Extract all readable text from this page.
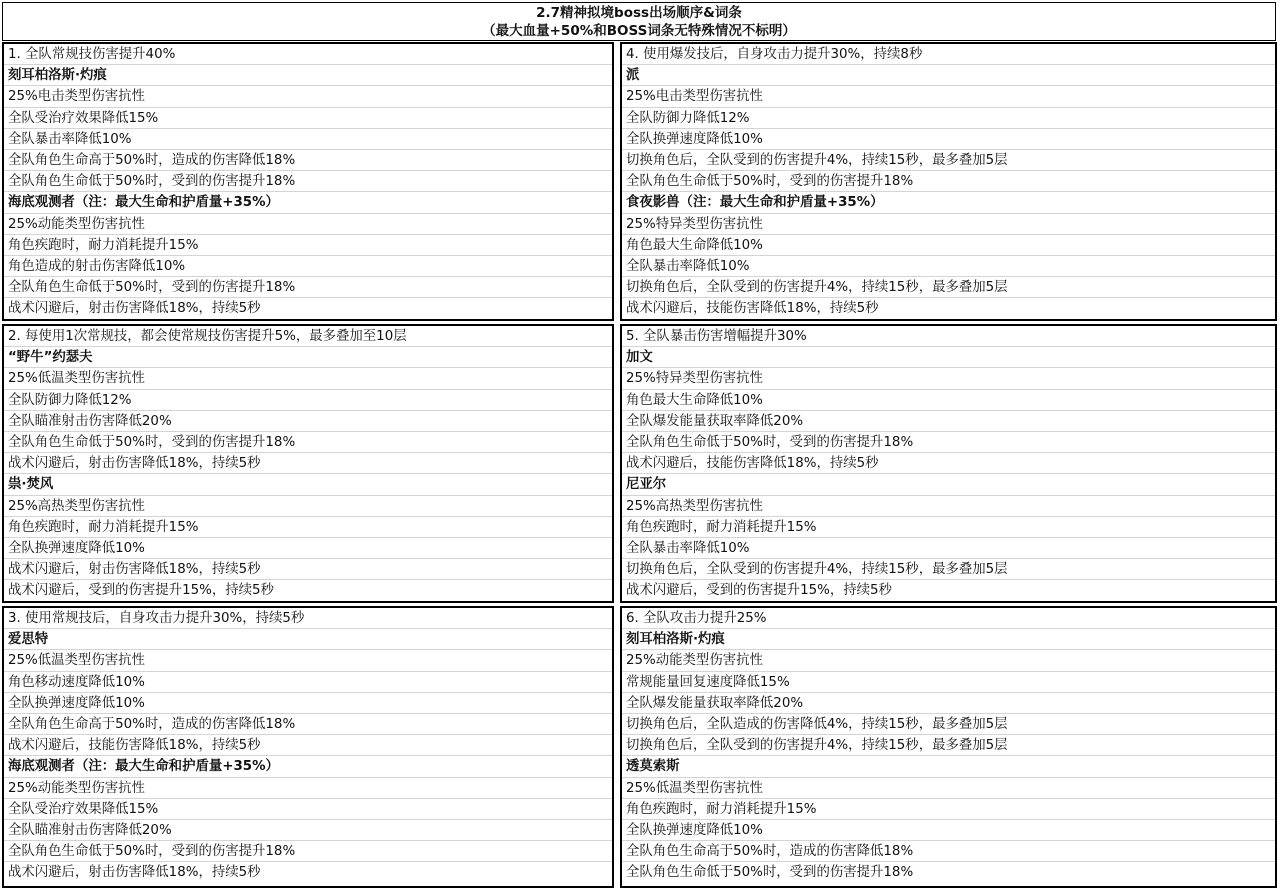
2.7精神拟境boss出场顺序&词条
（最大血量+50%和BOSS词条无特殊情况不标明）
1. 全队常规技伤害提升40%
刻耳柏洛斯·灼痕
25%电击类型伤害抗性
全队受治疗效果降低15%
全队暴击率降低10%
全队角色生命高于50%时，造成的伤害降低18%
全队角色生命低于50%时，受到的伤害提升18%
海底观测者（注：最大生命和护盾量+35%）
25%动能类型伤害抗性
角色疾跑时，耐力消耗提升15%
角色造成的射击伤害降低10%
全队角色生命低于50%时，受到的伤害提升18%
战术闪避后，射击伤害降低18%，持续5秒
4. 使用爆发技后，自身攻击力提升30%，持续8秒
派
25%电击类型伤害抗性
全队防御力降低12%
全队换弹速度降低10%
切换角色后，全队受到的伤害提升4%，持续15秒，最多叠加5层
全队角色生命低于50%时，受到的伤害提升18%
食夜影兽（注：最大生命和护盾量+35%）
25%特异类型伤害抗性
角色最大生命降低10%
全队暴击率降低10%
切换角色后，全队受到的伤害提升4%，持续15秒，最多叠加5层
战术闪避后，技能伤害降低18%，持续5秒
2. 每使用1次常规技，都会使常规技伤害提升5%，最多叠加至10层
“野牛”约瑟夫
25%低温类型伤害抗性
全队防御力降低12%
全队瞄准射击伤害降低20%
全队角色生命低于50%时，受到的伤害提升18%
战术闪避后，射击伤害降低18%，持续5秒
祟·焚风
25%高热类型伤害抗性
角色疾跑时，耐力消耗提升15%
全队换弹速度降低10%
战术闪避后，射击伤害降低18%，持续5秒
战术闪避后，受到的伤害提升15%，持续5秒
5. 全队暴击伤害增幅提升30%
加文
25%特异类型伤害抗性
角色最大生命降低10%
全队爆发能量获取率降低20%
全队角色生命低于50%时，受到的伤害提升18%
战术闪避后，技能伤害降低18%，持续5秒
尼亚尔
25%高热类型伤害抗性
角色疾跑时，耐力消耗提升15%
全队暴击率降低10%
切换角色后，全队受到的伤害提升4%，持续15秒，最多叠加5层
战术闪避后，受到的伤害提升15%，持续5秒
3. 使用常规技后，自身攻击力提升30%，持续5秒
爱思特
25%低温类型伤害抗性
角色移动速度降低10%
全队换弹速度降低10%
全队角色生命高于50%时，造成的伤害降低18%
战术闪避后，技能伤害降低18%，持续5秒
海底观测者（注：最大生命和护盾量+35%）
25%动能类型伤害抗性
全队受治疗效果降低15%
全队瞄准射击伤害降低20%
全队角色生命低于50%时，受到的伤害提升18%
战术闪避后，射击伤害降低18%，持续5秒
6. 全队攻击力提升25%
刻耳柏洛斯·灼痕
25%动能类型伤害抗性
常规能量回复速度降低15%
全队爆发能量获取率降低20%
切换角色后，全队造成的伤害降低4%，持续15秒，最多叠加5层
切换角色后，全队受到的伤害提升4%，持续15秒，最多叠加5层
透莫索斯
25%低温类型伤害抗性
角色疾跑时，耐力消耗提升15%
全队换弹速度降低10%
全队角色生命高于50%时，造成的伤害降低18%
全队角色生命低于50%时，受到的伤害提升18%
